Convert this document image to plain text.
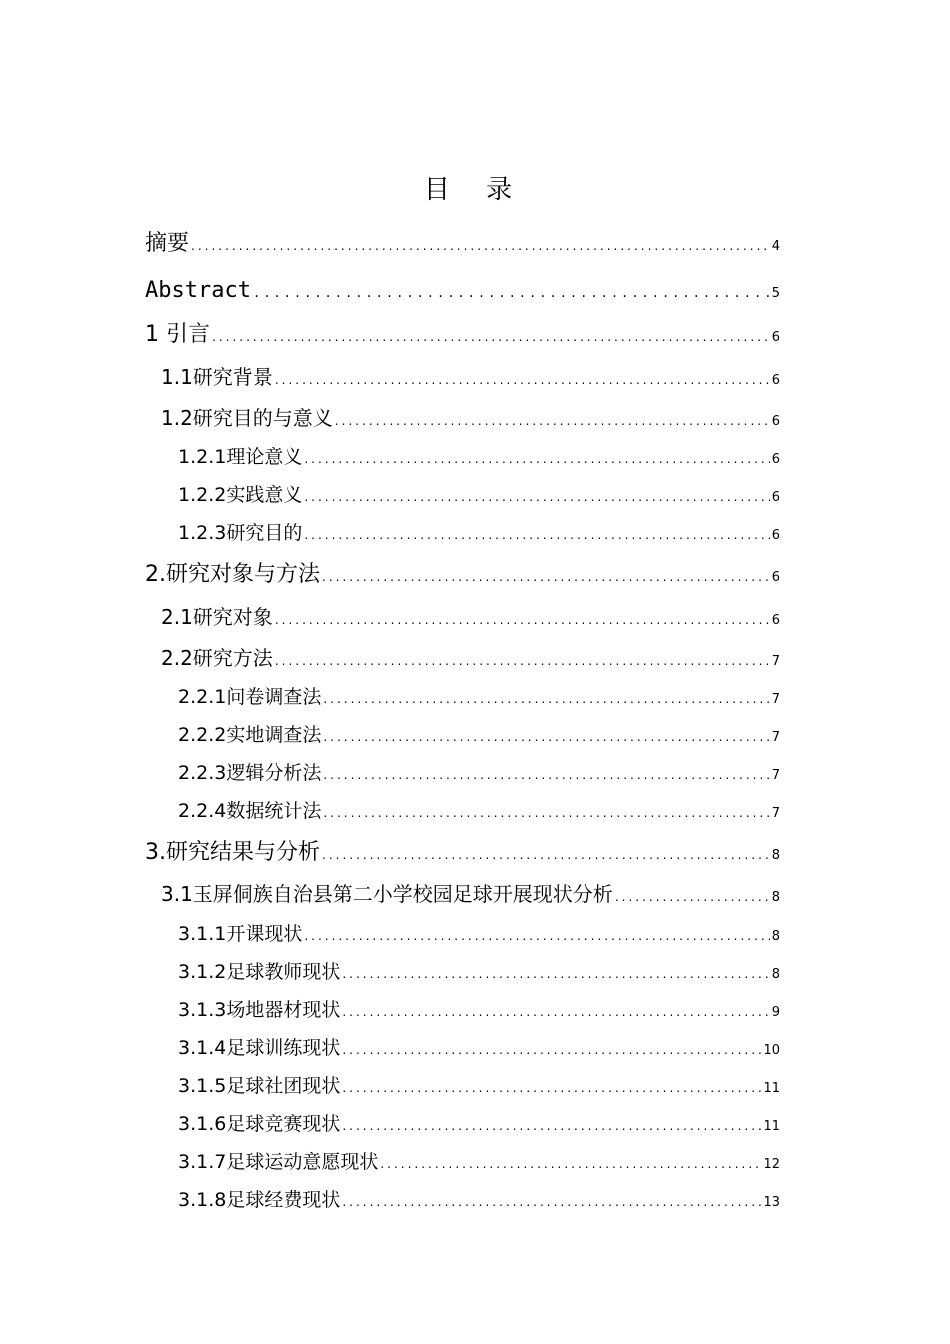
目 录
摘要 .....	4
Abstract .....	5
1 引言 .....	6
1.1研究背景 .....	6
1.2研究目的与意义 .....	6
1.2.1理论意义 .....	6
1.2.2实践意义 .....	6
1.2.3研究目的 .....	6
2.研究对象与方法 .....	6
2.1研究对象 .....	6
2.2研究方法 .....	7
2.2.1问卷调查法 .....	7
2.2.2实地调查法 .....	7
2.2.3逻辑分析法 .....	7
2.2.4数据统计法 .....	7
3.研究结果与分析 .....	8
3.1玉屏侗族自治县第二小学校园足球开展现状分析 .....	8
3.1.1开课现状 .....	8
3.1.2足球教师现状 .....	8
3.1.3场地器材现状 .....	9
3.1.4足球训练现状 .....	10
3.1.5足球社团现状 .....	11
3.1.6足球竞赛现状 .....	11
3.1.7足球运动意愿现状 .....	12
3.1.8足球经费现状 .....	13
